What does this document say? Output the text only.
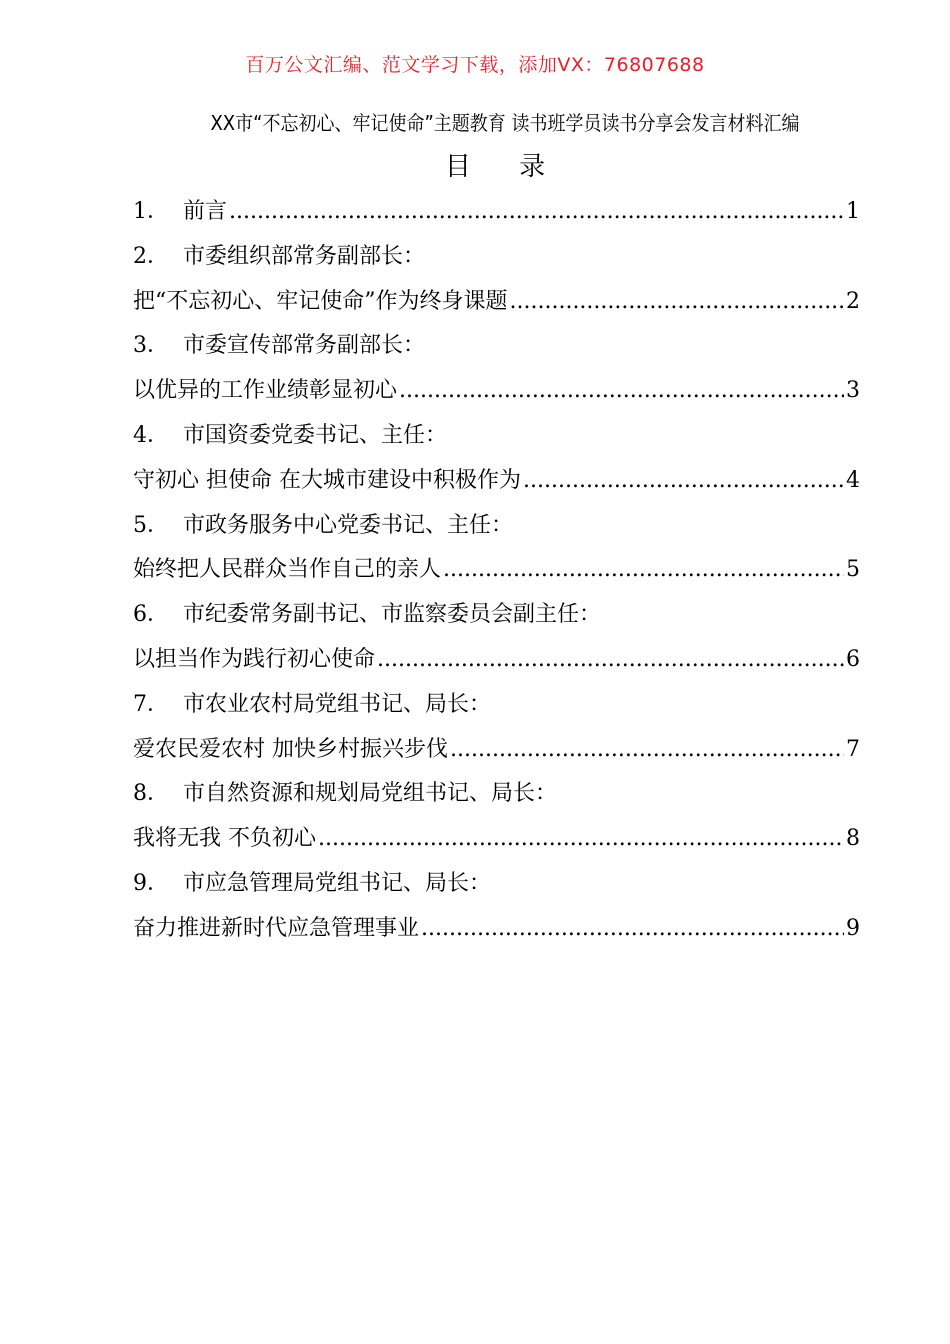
百万公文汇编、范文学习下载，添加VX：76807688
XX市“不忘初心、牢记使命”主题教育 读书班学员读书分享会发言材料汇编
目 录
1． 前言 .....	1
2． 市委组织部常务副部长：
把“不忘初心、牢记使命”作为终身课题 .....	2
3． 市委宣传部常务副部长：
以优异的工作业绩彰显初心 .....	3
4． 市国资委党委书记、主任：
守初心 担使命 在大城市建设中积极作为 .....	4
5． 市政务服务中心党委书记、主任：
始终把人民群众当作自己的亲人 .....	5
6． 市纪委常务副书记、市监察委员会副主任：
以担当作为践行初心使命 .....	6
7． 市农业农村局党组书记、局长：
爱农民爱农村 加快乡村振兴步伐 .....	7
8． 市自然资源和规划局党组书记、局长：
我将无我 不负初心 .....	8
9． 市应急管理局党组书记、局长：
奋力推进新时代应急管理事业 .....	9
